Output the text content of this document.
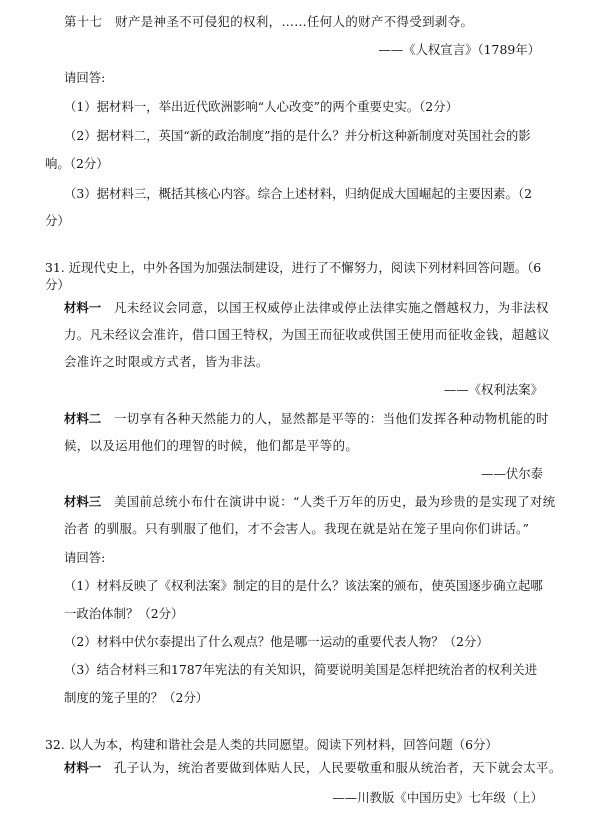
第十七　财产是神圣不可侵犯的权利，……任何人的财产不得受到剥夺。
——《人权宣言》（1789年）
请回答:
（1）据材料一，举出近代欧洲影响“人心改变”的两个重要史实。（2分）
（2）据材料二，英国“新的政治制度”指的是什么？并分析这种新制度对英国社会的影
响。（2分）
（3）据材料三，概括其核心内容。综合上述材料，归纳促成大国崛起的主要因素。（2
分）
31. 近现代史上，中外各国为加强法制建设，进行了不懈努力，阅读下列材料回答问题。（6
分）
材料一　凡未经议会同意，以国王权威停止法律或停止法律实施之僭越权力，为非法权
力。凡未经议会准许，借口国王特权，为国王而征收或供国王使用而征收金钱，超越议
会准许之时限或方式者，皆为非法。
——《权利法案》
材料二　一切享有各种天然能力的人，显然都是平等的：当他们发挥各种动物机能的时
候，以及运用他们的理智的时候，他们都是平等的。
——伏尔泰
材料三　美国前总统小布什在演讲中说：“人类千万年的历史，最为珍贵的是实现了对统
治者 的驯服。只有驯服了他们，才不会害人。我现在就是站在笼子里向你们讲话。”
请回答:
（1）材料反映了《权利法案》制定的目的是什么？该法案的颁布，使英国逐步确立起哪
一政治体制？（2分）
（2）材料中伏尔泰提出了什么观点？他是哪一运动的重要代表人物？（2分）
（3）结合材料三和1787年宪法的有关知识，简要说明美国是怎样把统治者的权利关进
制度的笼子里的？（2分）
32. 以人为本，构建和谐社会是人类的共同愿望。阅读下列材料，回答问题（6分）
材料一　孔子认为，统治者要做到体贴人民，人民要敬重和服从统治者，天下就会太平。
——川教版《中国历史》七年级（上）
